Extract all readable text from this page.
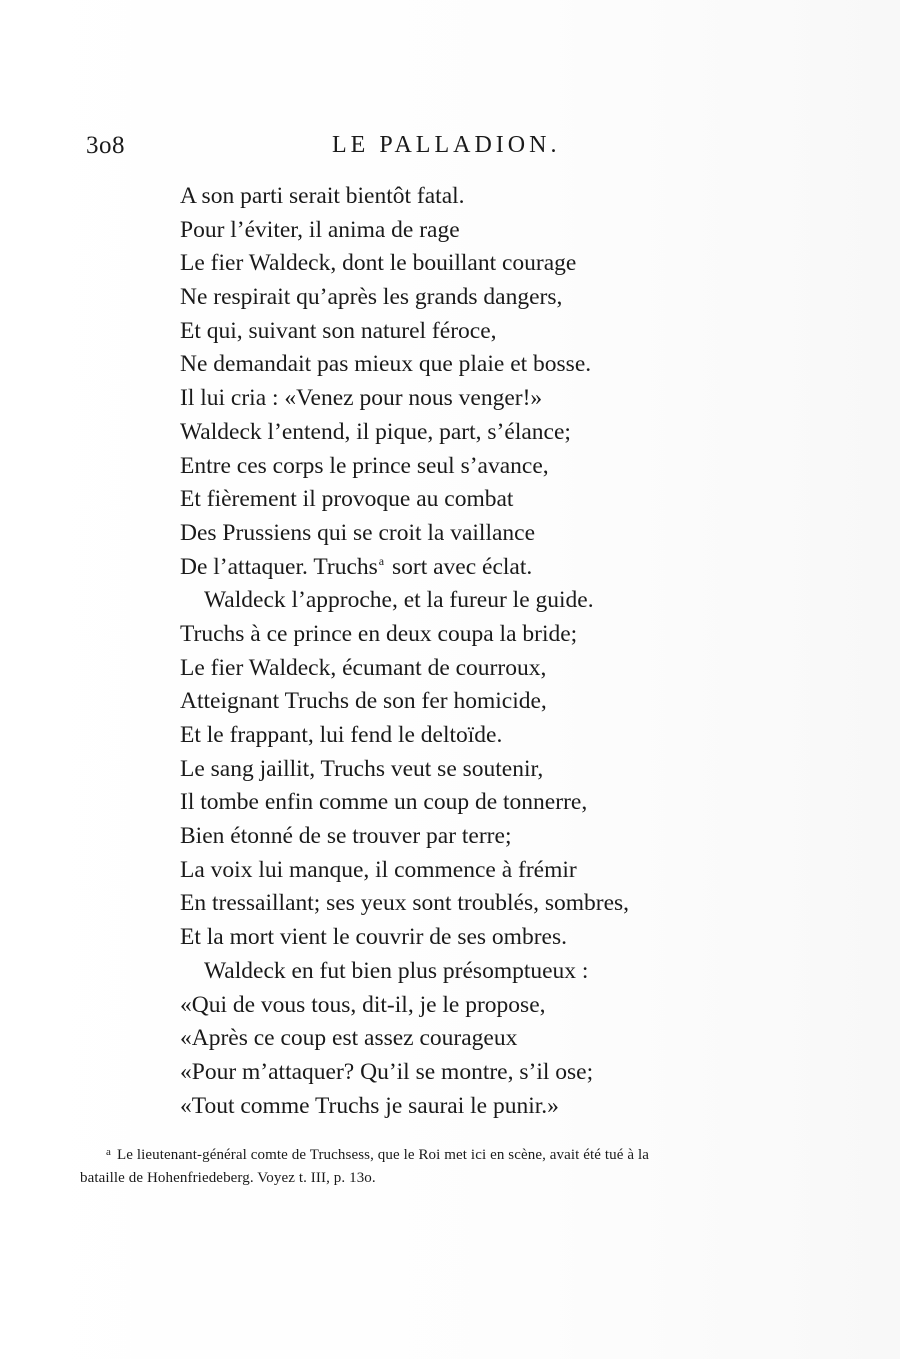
3o8	LE PALLADION.
A son parti serait bientôt fatal.
Pour l’éviter, il anima de rage
Le fier Waldeck, dont le bouillant courage
Ne respirait qu’après les grands dangers,
Et qui, suivant son naturel féroce,
Ne demandait pas mieux que plaie et bosse.
Il lui cria : «Venez pour nous venger!»
Waldeck l’entend, il pique, part, s’élance;
Entre ces corps le prince seul s’avance,
Et fièrement il provoque au combat
Des Prussiens qui se croit la vaillance
De l’attaquer. Truchs$^a$ sort avec éclat.
Waldeck l’approche, et la fureur le guide.
Truchs à ce prince en deux coupa la bride;
Le fier Waldeck, écumant de courroux,
Atteignant Truchs de son fer homicide,
Et le frappant, lui fend le deltoïde.
Le sang jaillit, Truchs veut se soutenir,
Il tombe enfin comme un coup de tonnerre,
Bien étonné de se trouver par terre;
La voix lui manque, il commence à frémir
En tressaillant; ses yeux sont troublés, sombres,
Et la mort vient le couvrir de ses ombres.
Waldeck en fut bien plus présomptueux :
«Qui de vous tous, dit-il, je le propose,
«Après ce coup est assez courageux
«Pour m’attaquer? Qu’il se montre, s’il ose;
«Tout comme Truchs je saurai le punir.»
$^a$ Le lieutenant-général comte de Truchsess, que le Roi met ici en scène, avait été tué à la
bataille de Hohenfriedeberg. Voyez t. III, p. 13o.
